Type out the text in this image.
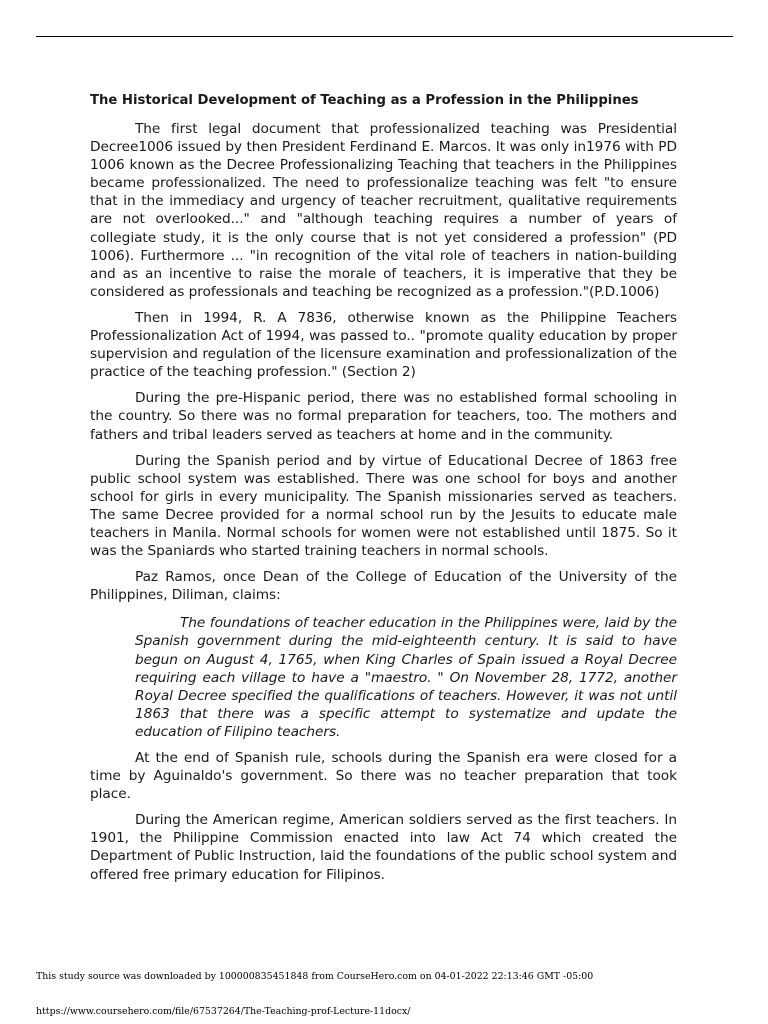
The Historical Development of Teaching as a Profession in the Philippines

The first legal document that professionalized teaching was Presidential Decree1006 issued by then President Ferdinand E. Marcos. It was only in1976 with PD 1006 known as the Decree Professionalizing Teaching that teachers in the Philippines became professionalized. The need to professionalize teaching was felt "to ensure that in the immediacy and urgency of teacher recruitment, qualitative requirements are not overlooked..." and "although teaching requires a number of years of collegiate study, it is the only course that is not yet considered a profession" (PD 1006). Furthermore ... "in recognition of the vital role of teachers in nation-building and as an incentive to raise the morale of teachers, it is imperative that they be considered as professionals and teaching be recognized as a profession."(P.D.1006)

Then in 1994, R. A 7836, otherwise known as the Philippine Teachers Professionalization Act of 1994, was passed to.. "promote quality education by proper supervision and regulation of the licensure examination and professionalization of the practice of the teaching profession." (Section 2)

During the pre-Hispanic period, there was no established formal schooling in the country. So there was no formal preparation for teachers, too. The mothers and fathers and tribal leaders served as teachers at home and in the community.

During the Spanish period and by virtue of Educational Decree of 1863 free public school system was established. There was one school for boys and another school for girls in every municipality. The Spanish missionaries served as teachers. The same Decree provided for a normal school run by the Jesuits to educate male teachers in Manila. Normal schools for women were not established until 1875. So it was the Spaniards who started training teachers in normal schools.

Paz Ramos, once Dean of the College of Education of the University of the Philippines, Diliman, claims:

The foundations of teacher education in the Philippines were, laid by the Spanish government during the mid-eighteenth century. It is said to have begun on August 4, 1765, when King Charles of Spain issued a Royal Decree requiring each village to have a "maestro. " On November 28, 1772, another Royal Decree specified the qualifications of teachers. However, it was not until 1863 that there was a specific attempt to systematize and update the education of Filipino teachers.

At the end of Spanish rule, schools during the Spanish era were closed for a time by Aguinaldo's government. So there was no teacher preparation that took place.

During the American regime, American soldiers served as the first teachers. In 1901, the Philippine Commission enacted into law Act 74 which created the Department of Public Instruction, laid the foundations of the public school system and offered free primary education for Filipinos.

This study source was downloaded by 100000835451848 from CourseHero.com on 04-01-2022 22:13:46 GMT -05:00
https://www.coursehero.com/file/67537264/The-Teaching-prof-Lecture-11docx/
